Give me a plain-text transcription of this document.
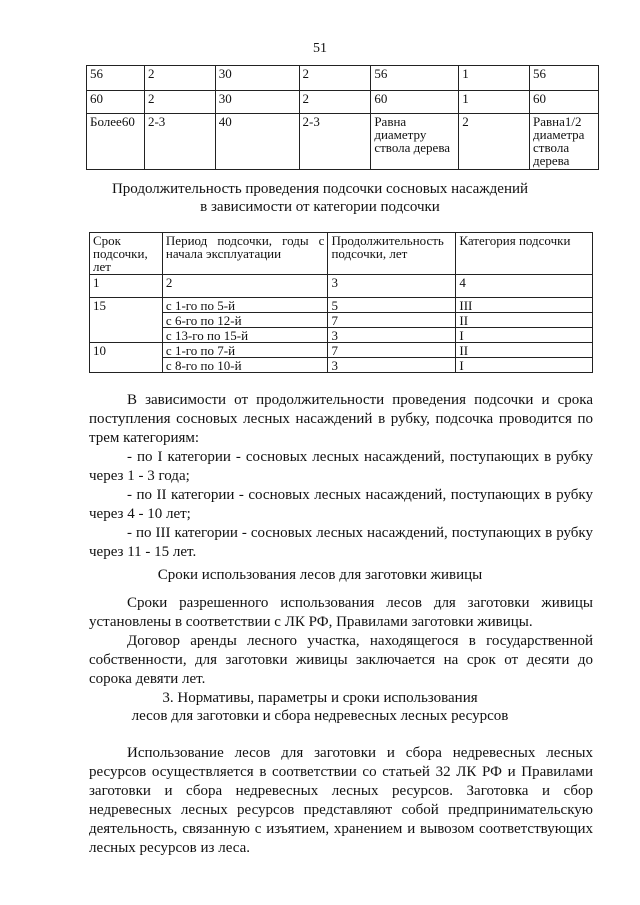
51
56	2	30	2	56	1	56
60	2	30	2	60	1	60
Более60	2-3	40	2-3	Равна диаметру ствола дерева	2	Равна1/2 диаметра ствола дерева
Продолжительность проведения подсочки сосновых насаждений
в зависимости от категории подсочки
Срок подсочки, лет	Период подсочки, годы с начала эксплуатации	Продолжительность подсочки, лет	Категория подсочки
1	2	3	4
15	с 1-го по 5-й	5	III
	с 6-го по 12-й	7	II
	с 13-го по 15-й	3	I
10	с 1-го по 7-й	7	II
	с 8-го по 10-й	3	I

В зависимости от продолжительности проведения подсочки и срока поступления сосновых лесных насаждений в рубку, подсочка проводится по трем категориям:

- по I категории - сосновых лесных насаждений, поступающих в рубку через 1 - 3 года;

- по II категории - сосновых лесных насаждений, поступающих в рубку через 4 - 10 лет;

- по III категории - сосновых лесных насаждений, поступающих в рубку через 11 - 15 лет.

Сроки использования лесов для заготовки живицы

Сроки разрешенного использования лесов для заготовки живицы установлены в соответствии с ЛК РФ, Правилами заготовки живицы.

Договор аренды лесного участка, находящегося в государственной собственности, для заготовки живицы заключается на срок от десяти до сорока девяти лет.

3. Нормативы, параметры и сроки использования
лесов для заготовки и сбора недревесных лесных ресурсов

Использование лесов для заготовки и сбора недревесных лесных ресурсов осуществляется в соответствии со статьей 32 ЛК РФ и Правилами заготовки и сбора недревесных лесных ресурсов. Заготовка и сбор недревесных лесных ресурсов представляют собой предпринимательскую деятельность, связанную с изъятием, хранением и вывозом соответствующих лесных ресурсов из леса.
